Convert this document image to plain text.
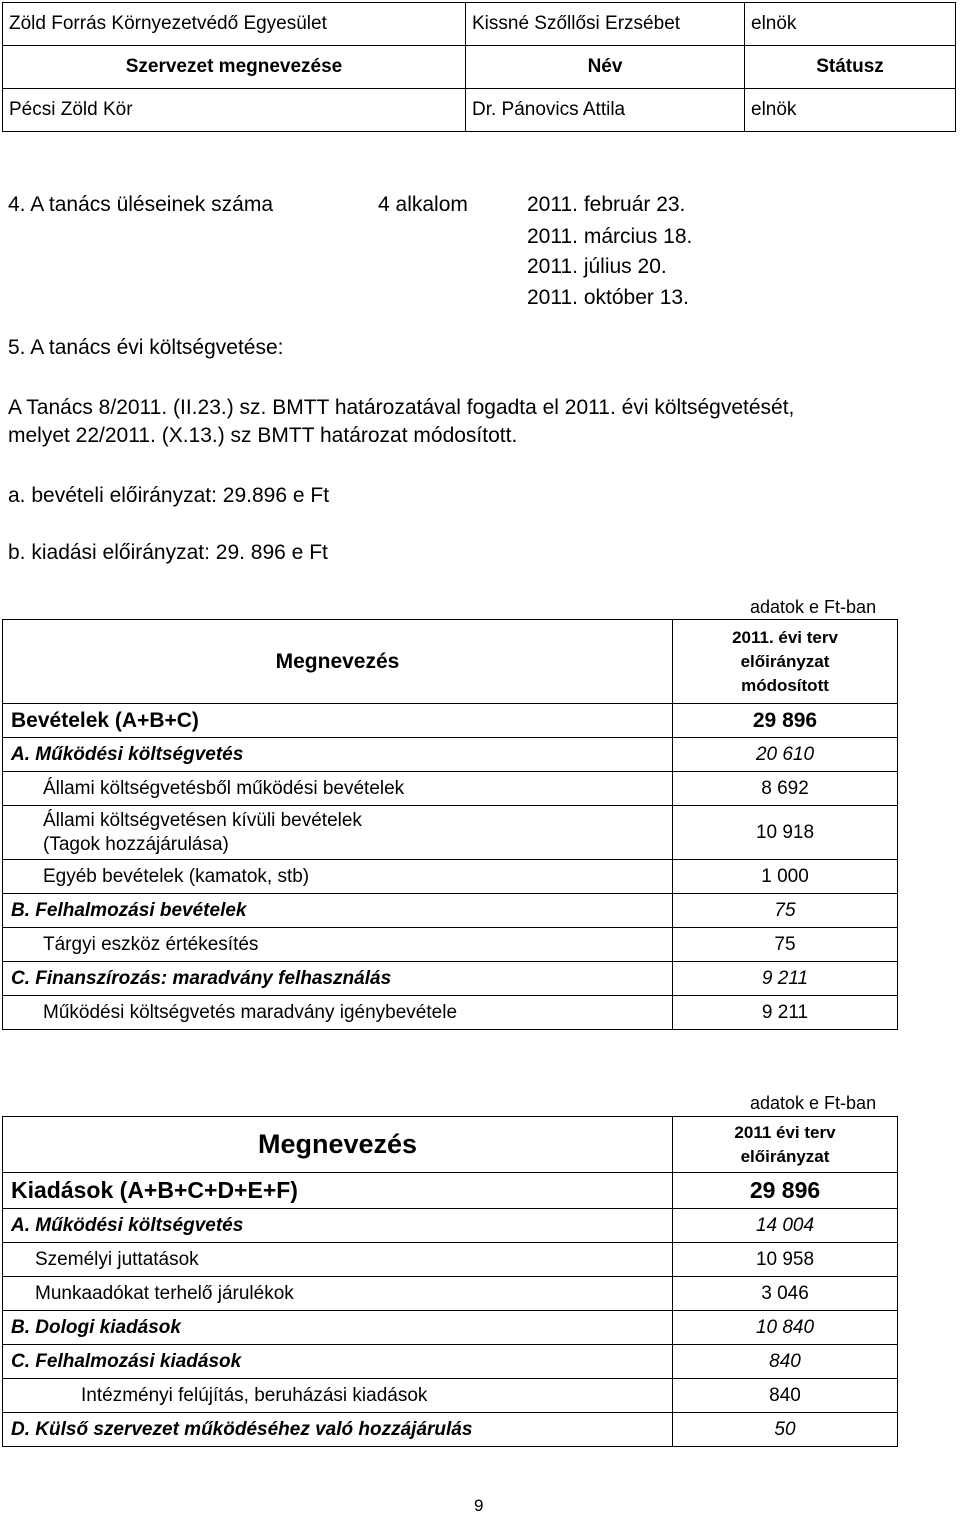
Zöld Forrás Környezetvédő Egyesület	Kissné Szőllősi Erzsébet	elnök
Szervezet megnevezése	Név	Státusz
Pécsi Zöld Kör	Dr. Pánovics Attila	elnök
4. A tanács üléseinek száma	4 alkalom	2011. február 23.
2011. március 18.
2011. július 20.
2011. október 13.
5. A tanács évi költségvetése:
A Tanács 8/2011. (II.23.) sz. BMTT határozatával fogadta el 2011. évi költségvetését,
melyet 22/2011. (X.13.) sz BMTT határozat módosított.
a. bevételi előirányzat: 29.896 e Ft
b. kiadási előirányzat: 29. 896 e Ft
adatok e Ft-ban
Megnevezés	2011. évi terv
előirányzat
módosított

Bevételek (A+B+C)	29 896
A. Működési költségvetés	20 610
Állami költségvetésből működési bevételek	8 692

Állami költségvetésen kívüli bevételek
(Tagok hozzájárulása)	10 918
Egyéb bevételek (kamatok, stb)	1 000
B. Felhalmozási bevételek	75
Tárgyi eszköz értékesítés	75
C. Finanszírozás: maradvány felhasználás	9 211
Működési költségvetés maradvány igénybevétele	9 211
adatok e Ft-ban
Megnevezés	2011 évi terv
előirányzat

Kiadások (A+B+C+D+E+F)	29 896
A. Működési költségvetés	14 004
Személyi juttatások	10 958
Munkaadókat terhelő járulékok	3 046
B. Dologi kiadások	10 840
C. Felhalmozási kiadások	840
Intézményi felújítás, beruházási kiadások	840
D. Külső szervezet működéséhez való hozzájárulás	50
9
